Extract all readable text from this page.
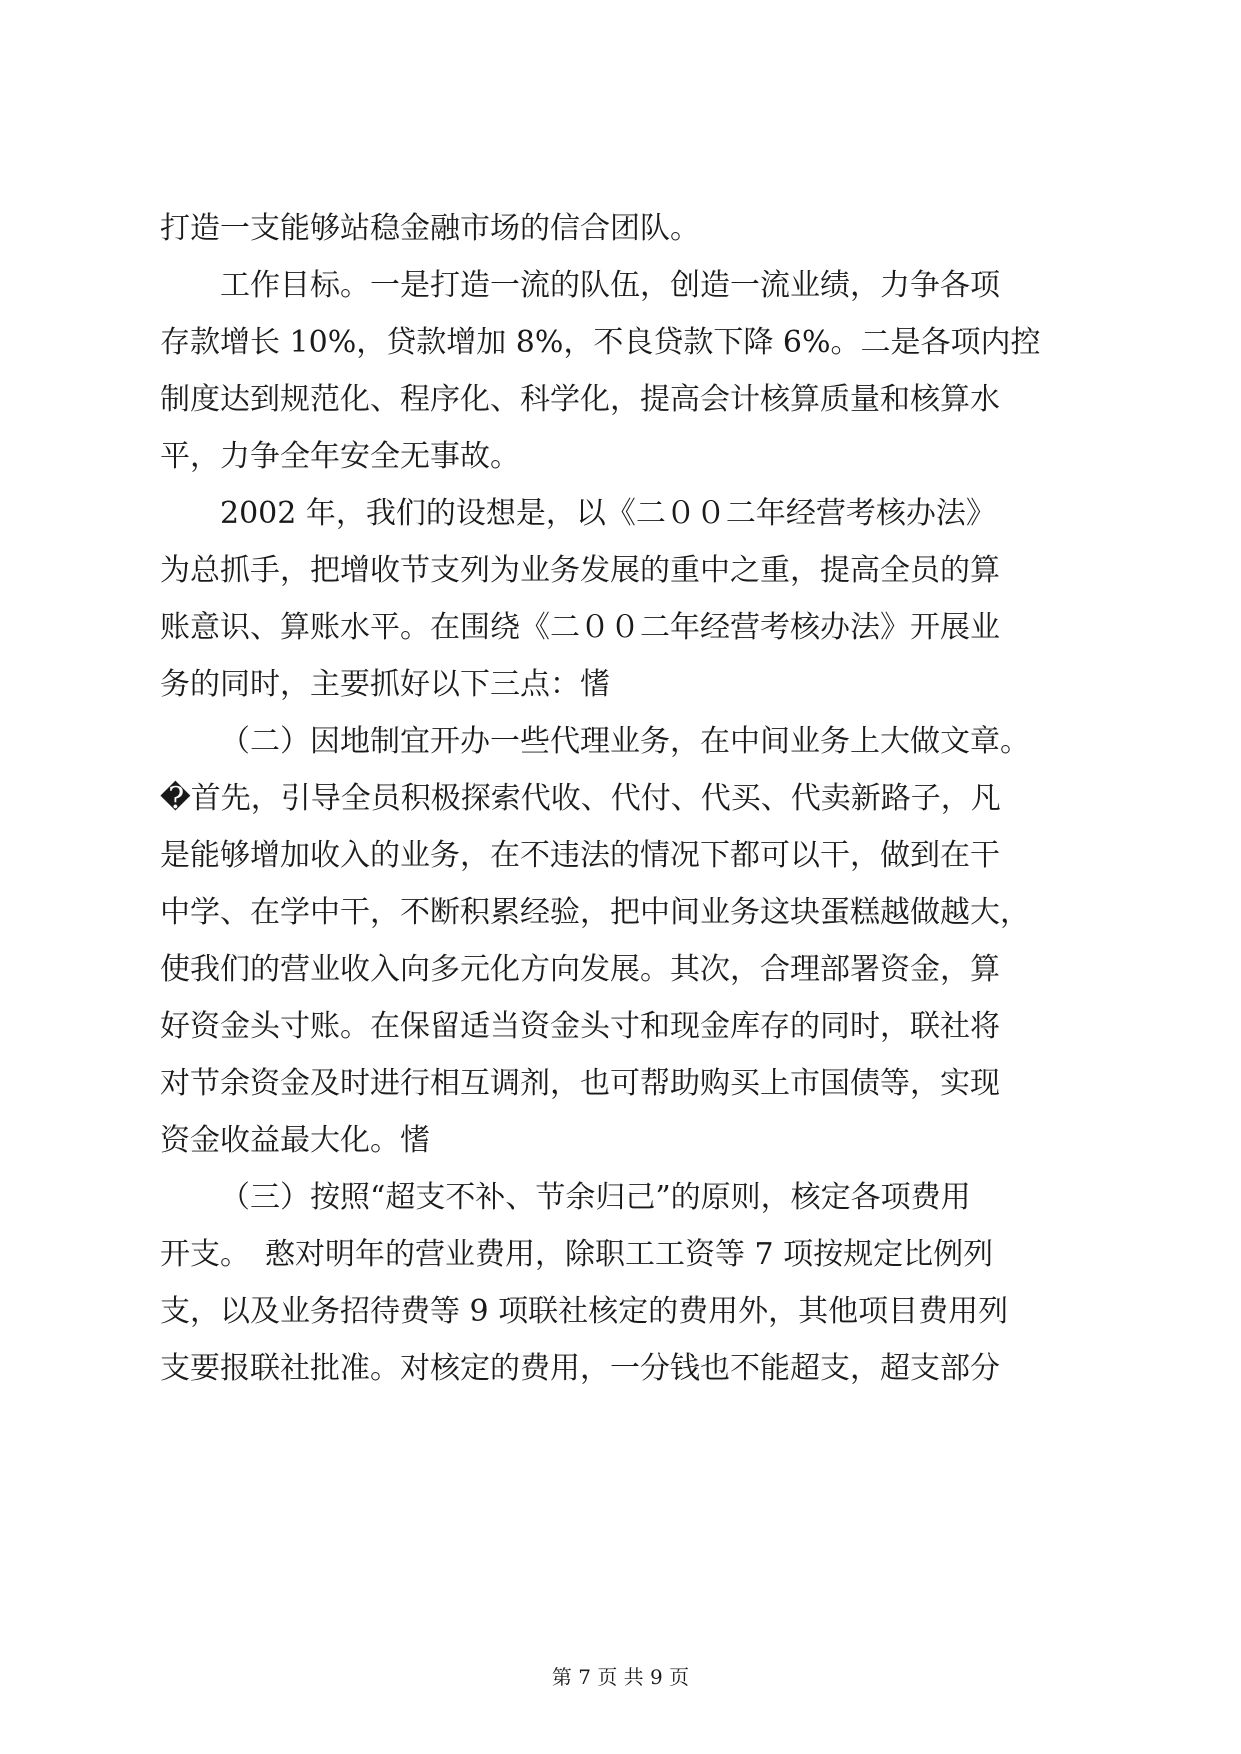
打造一支能够站稳金融市场的信合团队。
工作目标。一是打造一流的队伍，创造一流业绩，力争各项
存款增长 10%，贷款增加 8%，不良贷款下降 6%。二是各项内控
制度达到规范化、程序化、科学化，提高会计核算质量和核算水
平，力争全年安全无事故。
2002 年，我们的设想是，以《二００二年经营考核办法》
为总抓手，把增收节支列为业务发展的重中之重，提高全员的算
账意识、算账水平。在围绕《二００二年经营考核办法》开展业
务的同时，主要抓好以下三点：愭
（二）因地制宜开办一些代理业务，在中间业务上大做文章。
�首先，引导全员积极探索代收、代付、代买、代卖新路子，凡
是能够增加收入的业务，在不违法的情况下都可以干，做到在干
中学、在学中干，不断积累经验，把中间业务这块蛋糕越做越大，
使我们的营业收入向多元化方向发展。其次，合理部署资金，算
好资金头寸账。在保留适当资金头寸和现金库存的同时，联社将
对节余资金及时进行相互调剂，也可帮助购买上市国债等，实现
资金收益最大化。愭
（三）按照“超支不补、节余归己”的原则，核定各项费用
开支。　憨对明年的营业费用，除职工工资等 7 项按规定比例列
支，以及业务招待费等 9 项联社核定的费用外，其他项目费用列
支要报联社批准。对核定的费用，一分钱也不能超支，超支部分
第 7 页 共 9 页
